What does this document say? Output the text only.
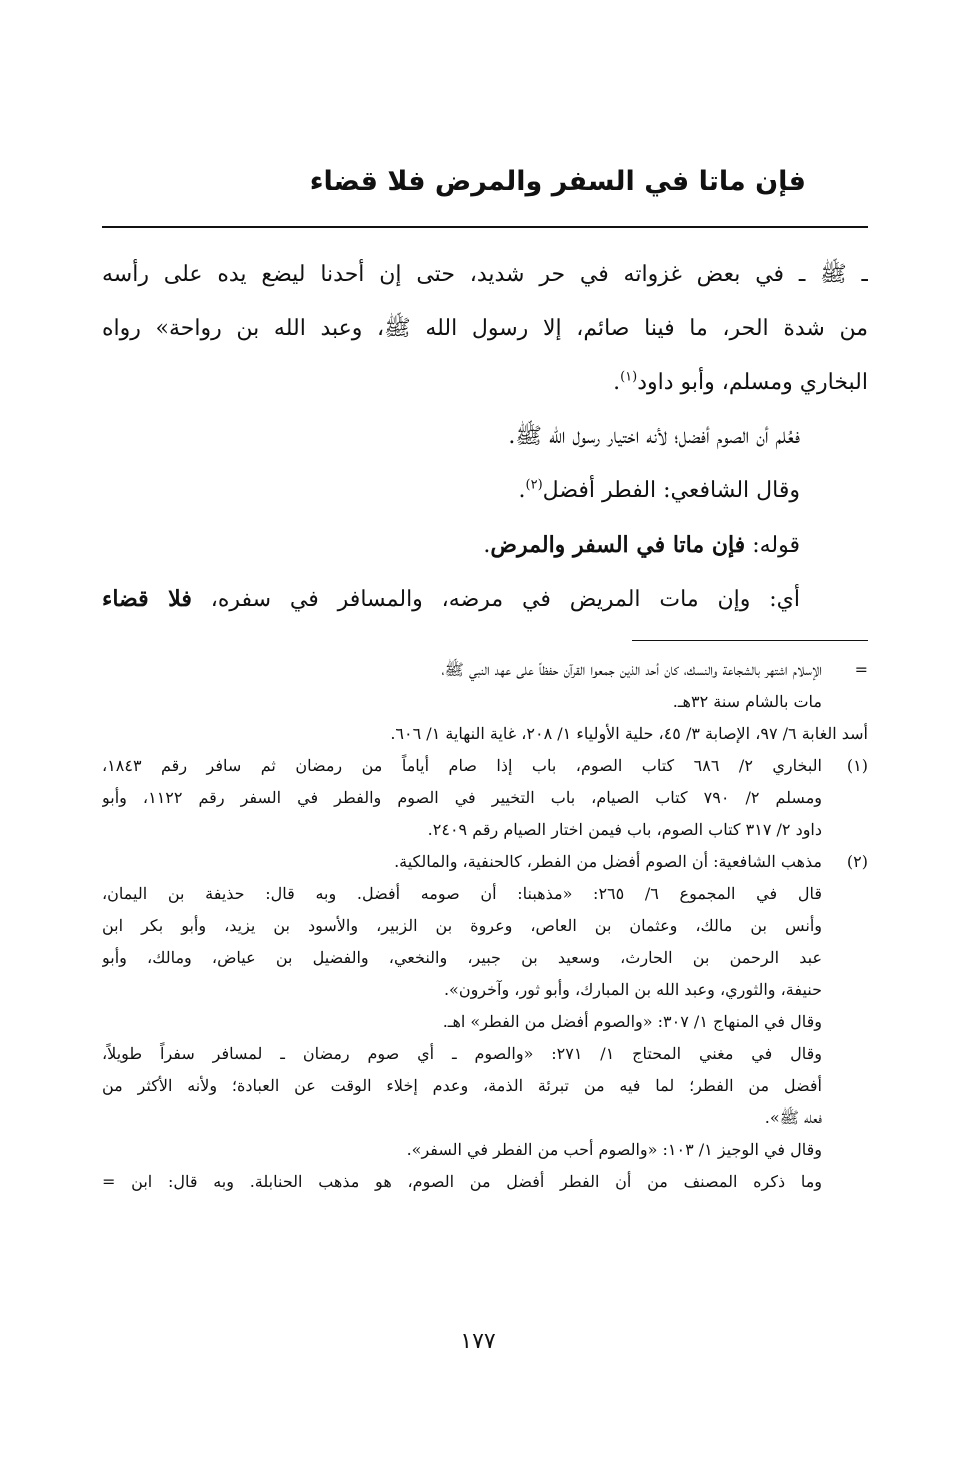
فإن ماتا في السفر والمرض فلا قضاء
ـ ﷺ ـ في بعض غزواته في حر شديد، حتى إن أحدنا ليضع يده على رأسه
من شدة الحر، ما فينا صائم، إلا رسول الله ﷺ، وعبد الله بن رواحة» رواه
البخاري ومسلم، وأبو داود$^{(١)}$.
فعُلم أن الصوم أفضل؛ لأنه اختيار رسول الله ﷺ.
وقال الشافعي: الفطر أفضل$^{(٢)}$.
قوله: فإن ماتا في السفر والمرض.
أي: وإن مات المريض في مرضه، والمسافر في سفره، فلا قضاء
=
الإسلام اشتهر بالشجاعة والنسك، كان أحد الذين جمعوا القرآن حفظاً على عهد النبي ﷺ،
مات بالشام سنة ٣٢هـ.
أسد الغابة ٦/ ٩٧، الإصابة ٣/ ٤٥، حلية الأولياء ١/ ٢٠٨، غاية النهاية ١/ ٦٠٦.
(١)
البخاري ٢/ ٦٨٦ كتاب الصوم، باب إذا صام أياماً من رمضان ثم سافر رقم ١٨٤٣،
ومسلم ٢/ ٧٩٠ كتاب الصيام، باب التخيير في الصوم والفطر في السفر رقم ١١٢٢، وأبو
داود ٢/ ٣١٧ كتاب الصوم، باب فيمن اختار الصيام رقم ٢٤٠٩.
(٢)
مذهب الشافعية: أن الصوم أفضل من الفطر، كالحنفية، والمالكية.
قال في المجموع ٦/ ٢٦٥: «مذهبنا: أن صومه أفضل. وبه قال: حذيفة بن اليمان،
وأنس بن مالك، وعثمان بن العاص، وعروة بن الزبير، والأسود بن يزيد، وأبو بكر ابن
عبد الرحمن بن الحارث، وسعيد بن جبير، والنخعي، والفضيل بن عياض، ومالك، وأبو
حنيفة، والثوري، وعبد الله بن المبارك، وأبو ثور، وآخرون».
وقال في المنهاج ١/ ٣٠٧: «والصوم أفضل من الفطر» اهـ.
وقال في مغني المحتاج ١/ ٢٧١: «والصوم ـ أي صوم رمضان ـ لمسافر سفراً طويلاً،
أفضل من الفطر؛ لما فيه من تبرئة الذمة، وعدم إخلاء الوقت عن العبادة؛ ولأنه الأكثر من
فعله ﷺ».
وقال في الوجيز ١/ ١٠٣: «والصوم أحب من الفطر في السفر».
وما ذكره المصنف من أن الفطر أفضل من الصوم، هو مذهب الحنابلة. وبه قال: ابن =
١٧٧
